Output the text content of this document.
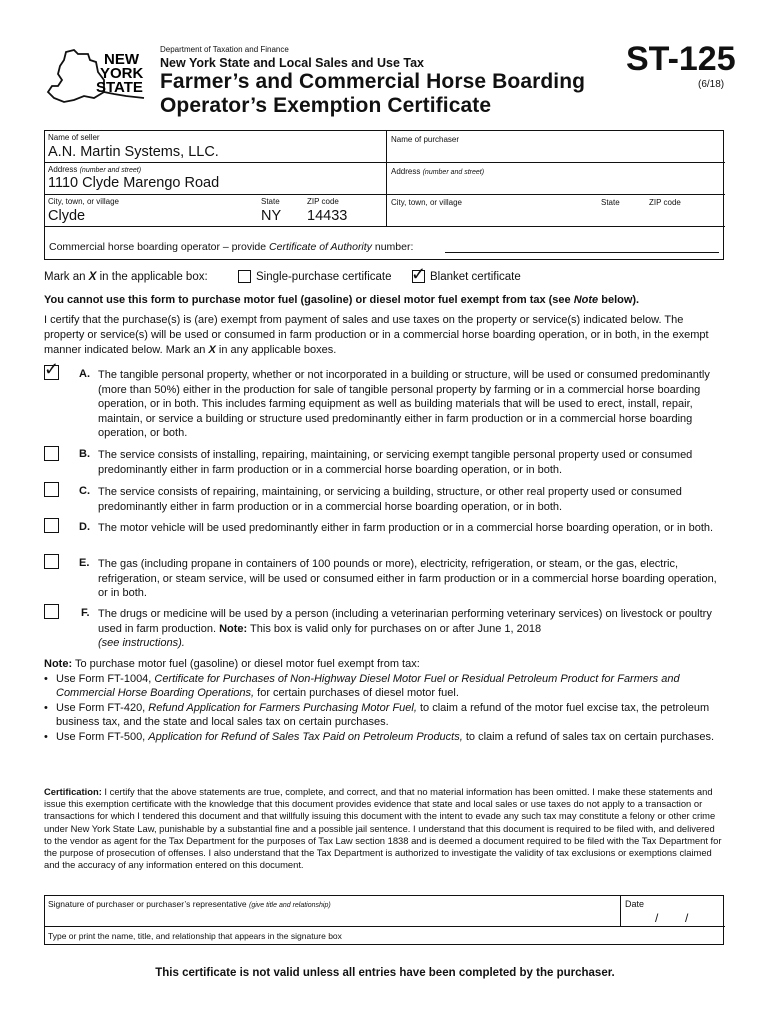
NEW
YORK
STATE
Department of Taxation and Finance
New York State and Local Sales and Use Tax
Farmer’s and Commercial Horse Boarding
Operator’s Exemption Certificate
ST-125
(6/18)
Name of seller
A.N. Martin Systems, LLC.
Address (number and street)
1110 Clyde Marengo Road
City, town, or village
Clyde
State
NY
ZIP code
14433
Name of purchaser
Address (number and street)
City, town, or village	State	ZIP code
Commercial horse boarding operator – provide Certificate of Authority number:
Mark an X in the applicable box:	Single-purchase certificate ✓ Blanket certificate
You cannot use this form to purchase motor fuel (gasoline) or diesel motor fuel exempt from tax (see Note below).
I certify that the purchase(s) is (are) exempt from payment of sales and use taxes on the property or service(s) indicated below. The property or service(s) will be used or consumed in farm production or in a commercial horse boarding operation, or in both, in the exempt manner indicated below. Mark an X in any applicable boxes.
✓ A. The tangible personal property, whether or not incorporated in a building or structure, will be used or consumed predominantly (more than 50%) either in the production for sale of tangible personal property by farming or in a commercial horse boarding operation, or in both. This includes farming equipment as well as building materials that will be used to erect, install, repair, maintain, or service a building or structure used predominantly either in farm production or in a commercial horse boarding operation, or both.
B. The service consists of installing, repairing, maintaining, or servicing exempt tangible personal property used or consumed predominantly either in farm production or in a commercial horse boarding operation, or in both.
C. The service consists of repairing, maintaining, or servicing a building, structure, or other real property used or consumed predominantly either in farm production or in a commercial horse boarding operation, or in both.
D. The motor vehicle will be used predominantly either in farm production or in a commercial horse boarding operation, or in both.
E. The gas (including propane in containers of 100 pounds or more), electricity, refrigeration, or steam, or the gas, electric, refrigeration, or steam service, will be used or consumed either in farm production or in a commercial horse boarding operation, or in both.
F. The drugs or medicine will be used by a person (including a veterinarian performing veterinary services) on livestock or poultry used in farm production. Note: This box is valid only for purchases on or after June 1, 2018
(see instructions).
Note: To purchase motor fuel (gasoline) or diesel motor fuel exempt from tax:
• Use Form FT-1004, Certificate for Purchases of Non-Highway Diesel Motor Fuel or Residual Petroleum Product for Farmers and Commercial Horse Boarding Operations, for certain purchases of diesel motor fuel.
• Use Form FT-420, Refund Application for Farmers Purchasing Motor Fuel, to claim a refund of the motor fuel excise tax, the petroleum business tax, and the state and local sales tax on certain purchases.
• Use Form FT-500, Application for Refund of Sales Tax Paid on Petroleum Products, to claim a refund of sales tax on certain purchases.
Certification: I certify that the above statements are true, complete, and correct, and that no material information has been omitted. I make these statements and issue this exemption certificate with the knowledge that this document provides evidence that state and local sales or use taxes do not apply to a transaction or transactions for which I tendered this document and that willfully issuing this document with the intent to evade any such tax may constitute a felony or other crime under New York State Law, punishable by a substantial fine and a possible jail sentence. I understand that this document is required to be filed with, and delivered to the vendor as agent for the Tax Department for the purposes of Tax Law section 1838 and is deemed a document required to be filed with the Tax Department for the purpose of prosecution of offenses. I also understand that the Tax Department is authorized to investigate the validity of tax exclusions or exemptions claimed and the accuracy of any information entered on this document.
Signature of purchaser or purchaser’s representative (give title and relationship)	Date
/        /
Type or print the name, title, and relationship that appears in the signature box
This certificate is not valid unless all entries have been completed by the purchaser.
